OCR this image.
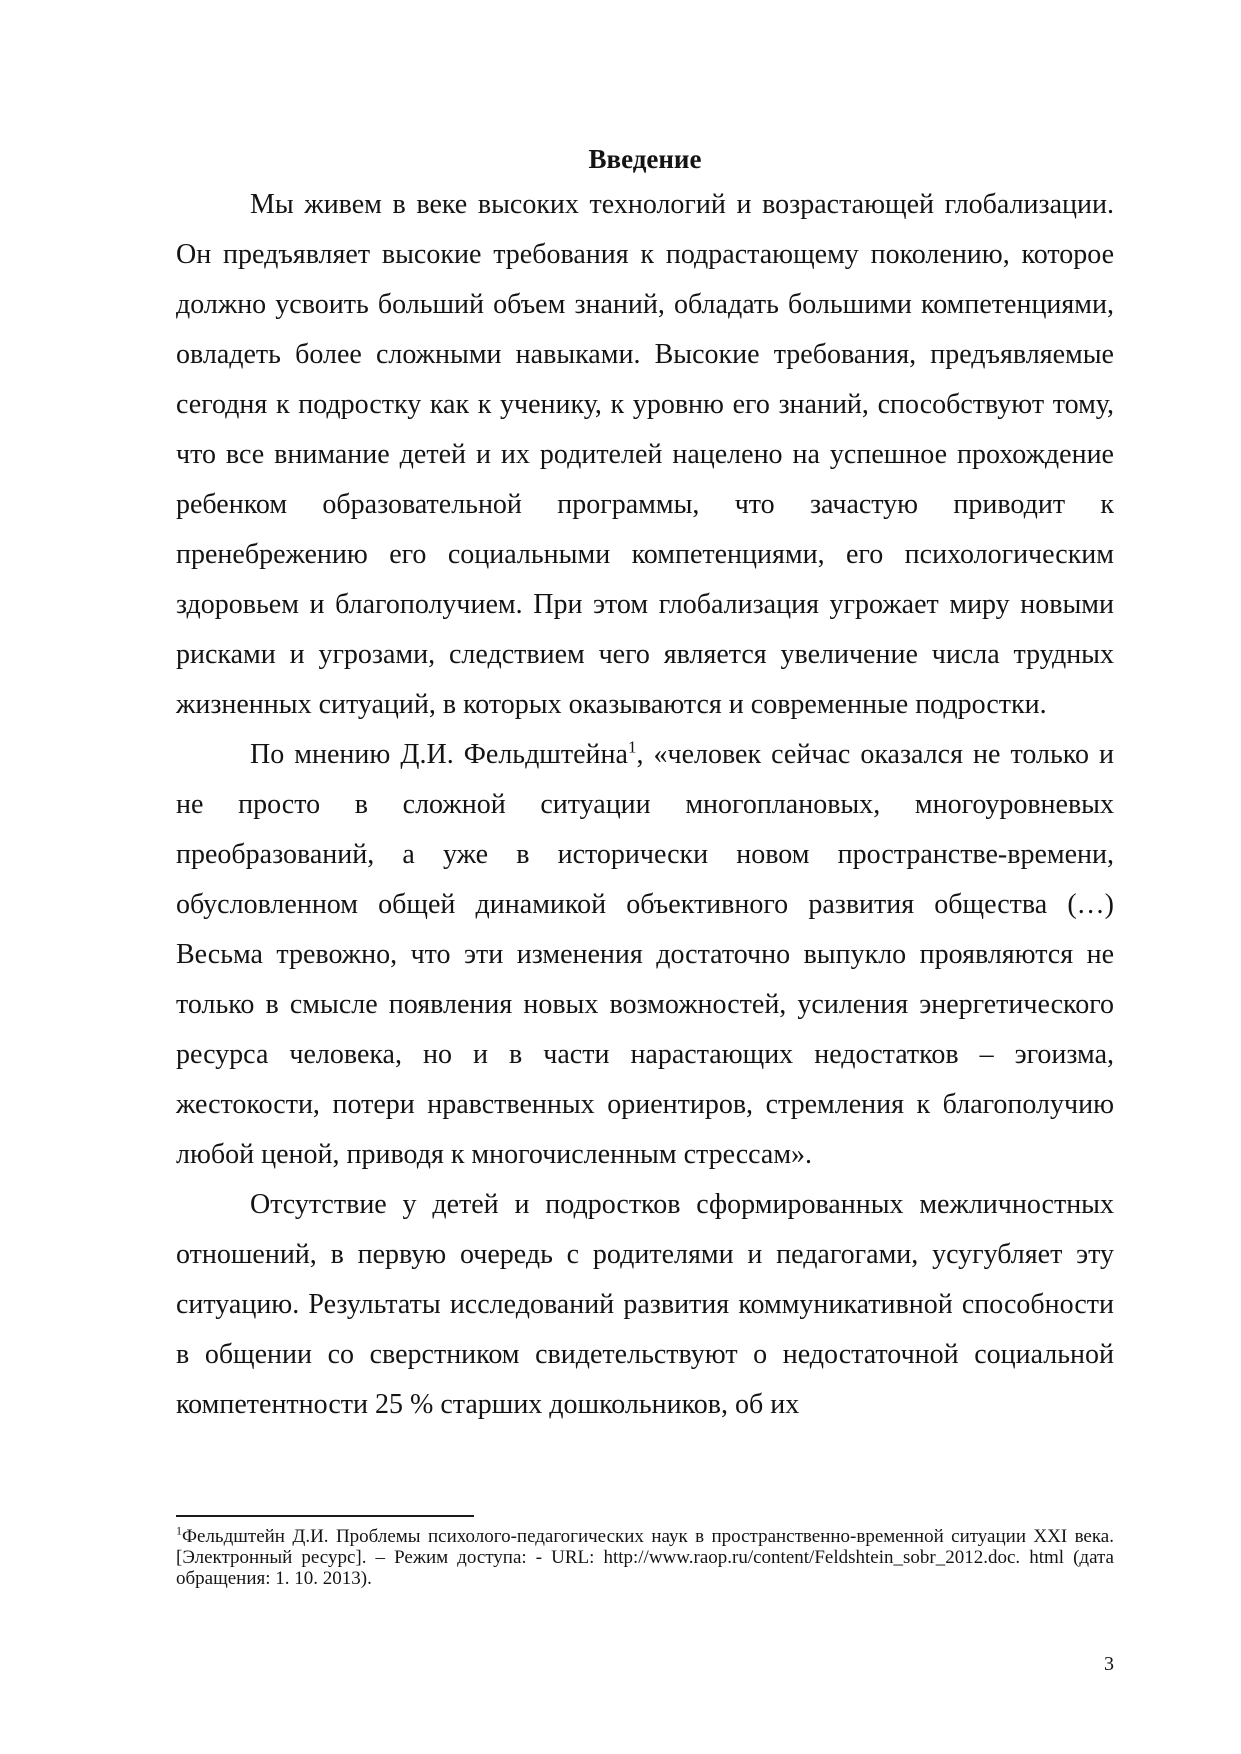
Введение

Мы живем в веке высоких технологий и возрастающей глобализации. Он предъявляет высокие требования к подрастающему поколению, которое должно усвоить больший объем знаний, обладать большими компетенциями, овладеть более сложными навыками. Высокие требования, предъявляемые сегодня к подростку как к ученику, к уровню его знаний, способствуют тому, что все внимание детей и их родителей нацелено на успешное прохождение ребенком образовательной программы, что зачастую приводит к пренебрежению его социальными компетенциями, его психологическим здоровьем и благополучием. При этом глобализация угрожает миру новыми рисками и угрозами, следствием чего является увеличение числа трудных жизненных ситуаций, в которых оказываются и современные подростки.

По мнению Д.И. Фельдштейна$^1$, «человек сейчас оказался не только и не просто в сложной ситуации многоплановых, многоуровневых преобразований, а уже в исторически новом пространстве-времени, обусловленном общей динамикой объективного развития общества (…) Весьма тревожно, что эти изменения достаточно выпукло проявляются не только в смысле появления новых возможностей, усиления энергетического ресурса человека, но и в части нарастающих недостатков – эгоизма, жестокости, потери нравственных ориентиров, стремления к благополучию любой ценой, приводя к многочисленным стрессам».

Отсутствие у детей и подростков сформированных межличностных отношений, в первую очередь с родителями и педагогами, усугубляет эту ситуацию. Результаты исследований развития коммуникативной способности в общении со сверстником свидетельствуют о недостаточной социальной компетентности 25 % старших дошкольников, об их

$^1$Фельдштейн Д.И. Проблемы психолого-педагогических наук в пространственно-временной ситуации XXI века. [Электронный ресурс]. – Режим доступа: - URL: http://www.raop.ru/content/Feldshtein_sobr_2012.doc. html (дата обращения: 1. 10. 2013).

3
